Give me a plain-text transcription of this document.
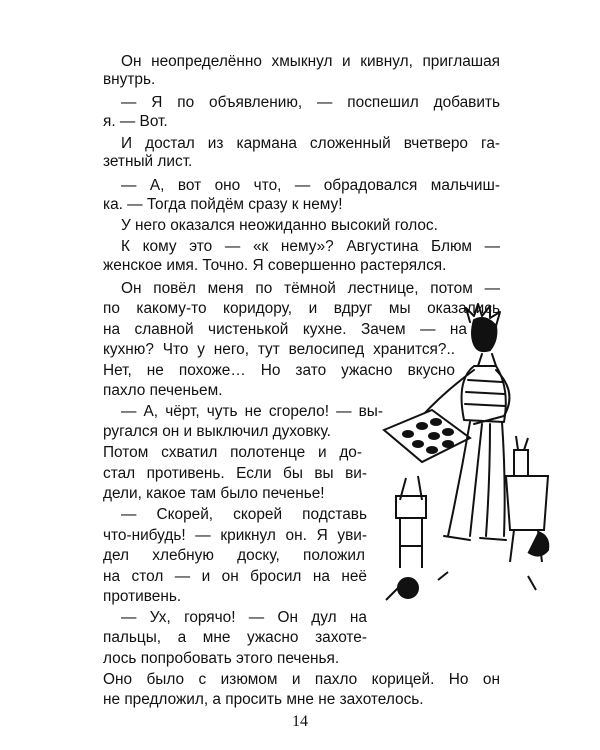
Он неопределённо хмыкнул и кивнул, приглашая

внутрь.

— Я по объявлению, — поспешил добавить

я. — Вот.

И достал из кармана сложенный вчетверо га-

зетный лист.

— А, вот оно что, — обрадовался мальчиш-

ка. — Тогда пойдём сразу к нему!

У него оказался неожиданно высокий голос.

К кому это — «к нему»? Августина Блюм —

женское имя. Точно. Я совершенно растерялся.

Он повёл меня по тёмной лестнице, потом —

по какому-то коридору, и вдруг мы оказались

на славной чистенькой кухне. Зачем — на

кухню? Что у него, тут велосипед хранится?..

Нет, не похоже… Но зато ужасно вкусно

пахло печеньем.

— А, чёрт, чуть не сгорело! — вы-

ругался он и выключил духовку.

Потом схватил полотенце и до-

стал противень. Если бы вы ви-

дели, какое там было печенье!

— Скорей, скорей подставь

что-нибудь! — крикнул он. Я уви-

дел хлебную доску, положил

на стол — и он бросил на неё

противень.

— Ух, горячо! — Он дул на

пальцы, а мне ужасно захоте-

лось попробовать этого печенья.

Оно было с изюмом и пахло корицей. Но он

не предложил, а просить мне не захотелось.

14
